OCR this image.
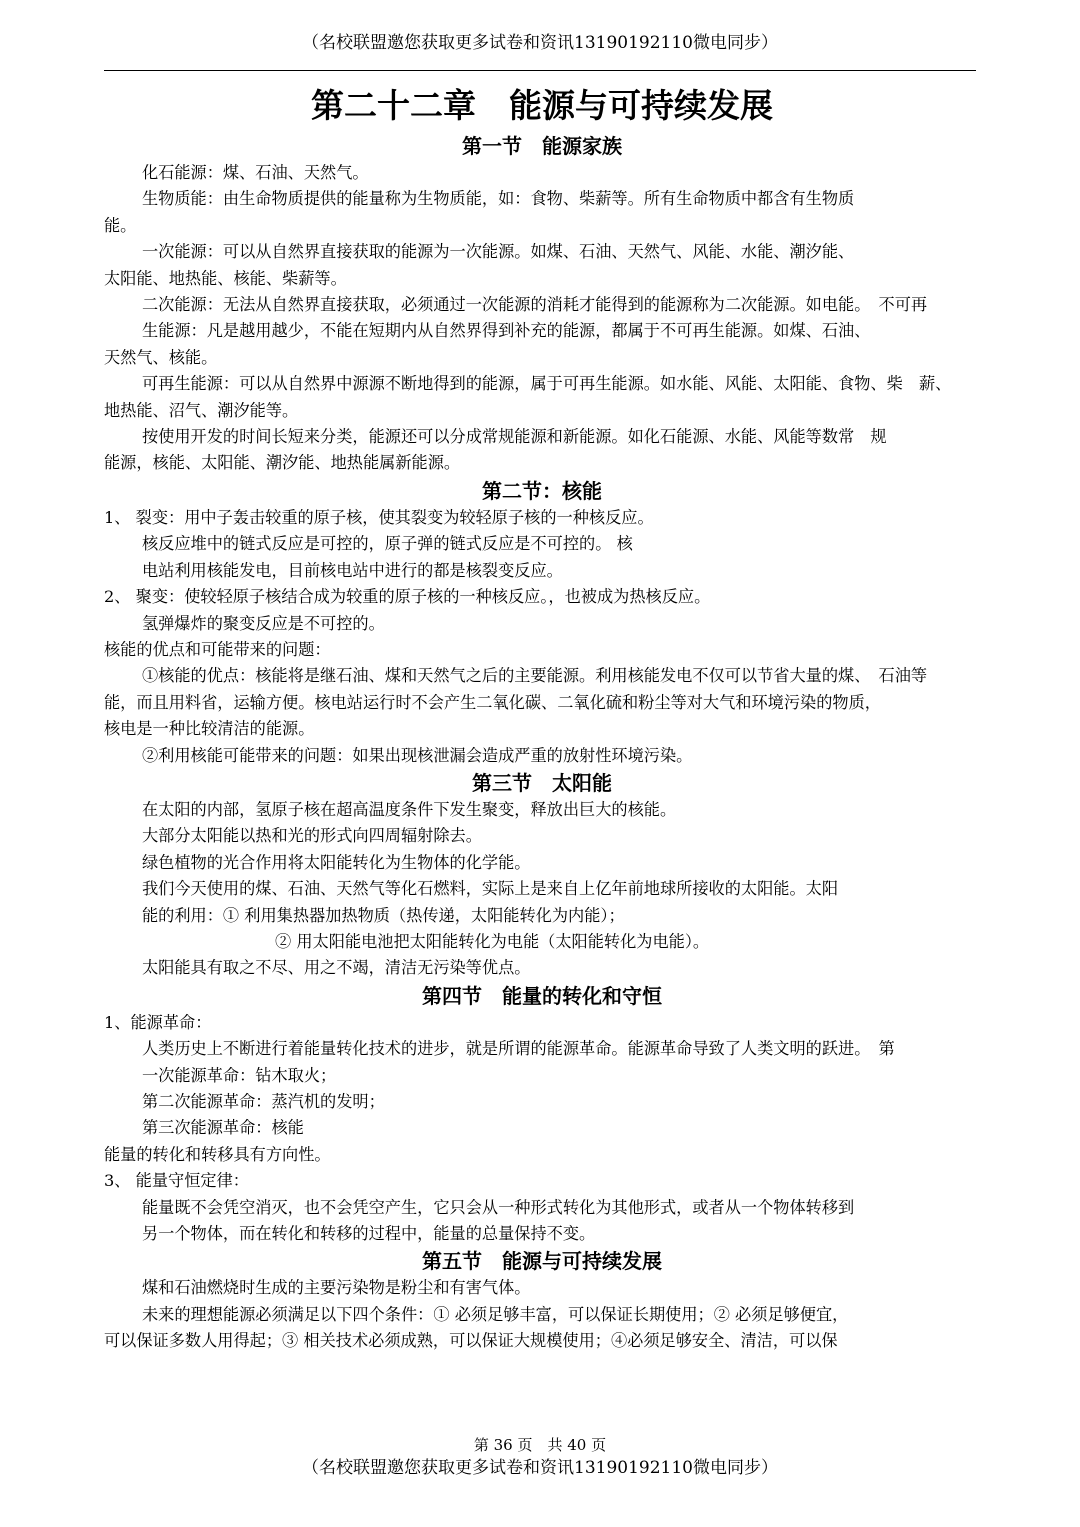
（名校联盟邀您获取更多试卷和资讯13190192110微电同步）
第二十二章　能源与可持续发展
第一节　能源家族

化石能源：煤、石油、天然气。

生物质能：由生命物质提供的能量称为生物质能，如：食物、柴薪等。所有生命物质中都含有生物质

能。

一次能源：可以从自然界直接获取的能源为一次能源。如煤、石油、天然气、风能、水能、潮汐能、

太阳能、地热能、核能、柴薪等。

二次能源：无法从自然界直接获取，必须通过一次能源的消耗才能得到的能源称为二次能源。如电能。　不可再

生能源：凡是越用越少，不能在短期内从自然界得到补充的能源，都属于不可再生能源。如煤、石油、

天然气、核能。

可再生能源：可以从自然界中源源不断地得到的能源，属于可再生能源。如水能、风能、太阳能、食物、柴　薪、

地热能、沼气、潮汐能等。

按使用开发的时间长短来分类，能源还可以分成常规能源和新能源。如化石能源、水能、风能等数常　规

能源，核能、太阳能、潮汐能、地热能属新能源。

第二节：核能

1、 裂变：用中子轰击较重的原子核，使其裂变为较轻原子核的一种核反应。

核反应堆中的链式反应是可控的，原子弹的链式反应是不可控的。 核

电站利用核能发电，目前核电站中进行的都是核裂变反应。

2、 聚变：使较轻原子核结合成为较重的原子核的一种核反应。，也被成为热核反应。

氢弹爆炸的聚变反应是不可控的。

核能的优点和可能带来的问题：

①核能的优点：核能将是继石油、煤和天然气之后的主要能源。利用核能发电不仅可以节省大量的煤、　石油等

能，而且用料省，运输方便。核电站运行时不会产生二氧化碳、二氧化硫和粉尘等对大气和环境污染的物质，

核电是一种比较清洁的能源。

②利用核能可能带来的问题：如果出现核泄漏会造成严重的放射性环境污染。

第三节　太阳能

在太阳的内部，氢原子核在超高温度条件下发生聚变，释放出巨大的核能。

大部分太阳能以热和光的形式向四周辐射除去。

绿色植物的光合作用将太阳能转化为生物体的化学能。

我们今天使用的煤、石油、天然气等化石燃料，实际上是来自上亿年前地球所接收的太阳能。太阳

能的利用：① 利用集热器加热物质（热传递，太阳能转化为内能）；

② 用太阳能电池把太阳能转化为电能（太阳能转化为电能）。

太阳能具有取之不尽、用之不竭，清洁无污染等优点。

第四节　能量的转化和守恒

1、能源革命：

人类历史上不断进行着能量转化技术的进步，就是所谓的能源革命。能源革命导致了人类文明的跃进。　第

一次能源革命：钻木取火；

第二次能源革命：蒸汽机的发明；

第三次能源革命：核能

能量的转化和转移具有方向性。

3、 能量守恒定律：

能量既不会凭空消灭，也不会凭空产生，它只会从一种形式转化为其他形式，或者从一个物体转移到

另一个物体，而在转化和转移的过程中，能量的总量保持不变。

第五节　能源与可持续发展

煤和石油燃烧时生成的主要污染物是粉尘和有害气体。

未来的理想能源必须满足以下四个条件：① 必须足够丰富，可以保证长期使用；② 必须足够便宜，

可以保证多数人用得起；③ 相关技术必须成熟，可以保证大规模使用；④必须足够安全、清洁，可以保

第 36 页　共 40 页
（名校联盟邀您获取更多试卷和资讯13190192110微电同步）
